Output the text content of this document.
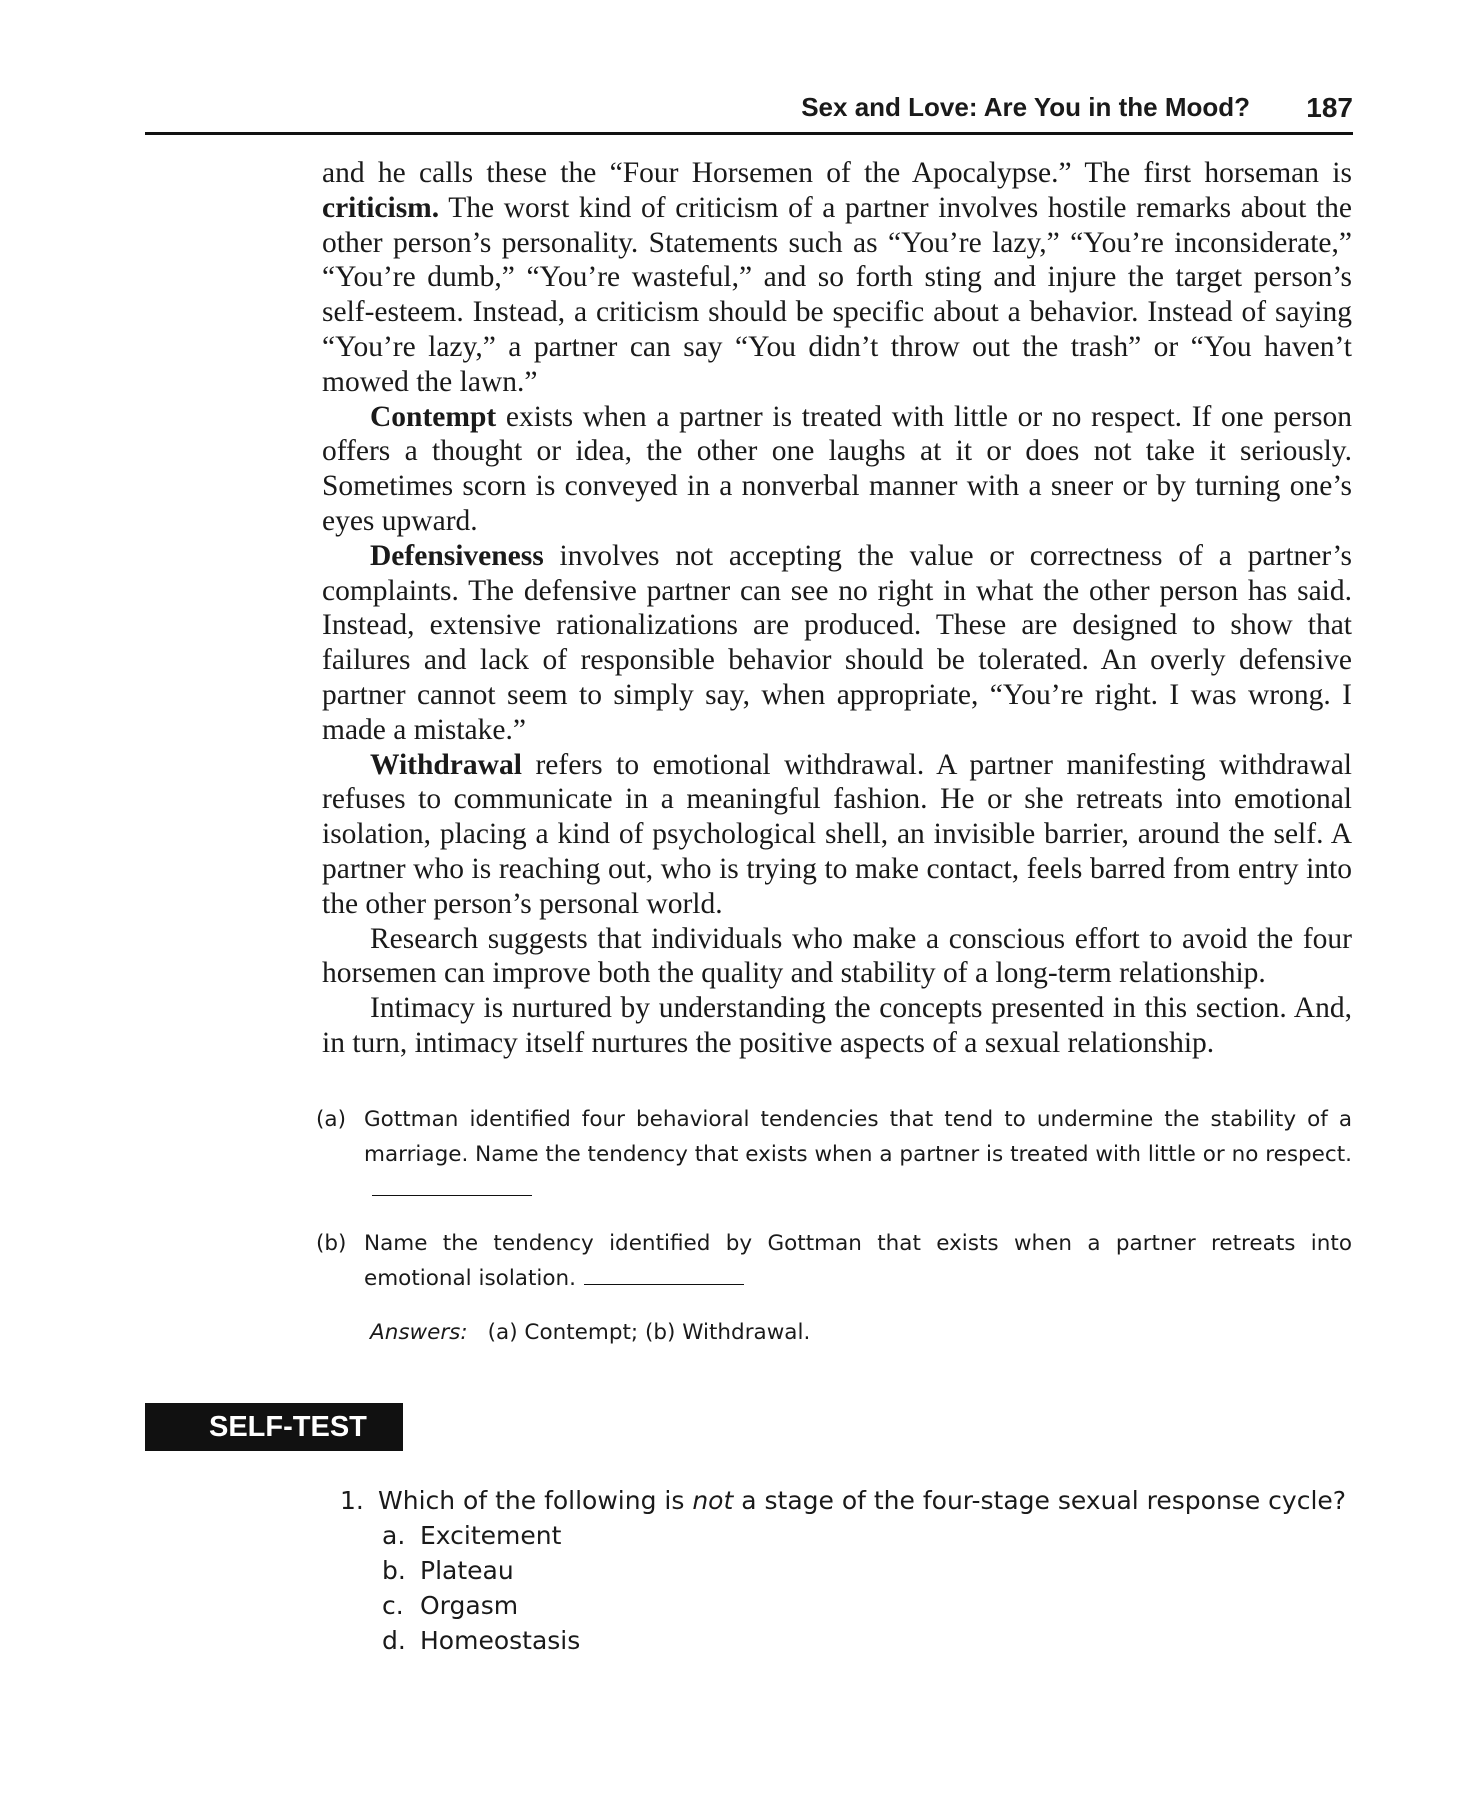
Sex and Love: Are You in the Mood? 187

and he calls these the “Four Horsemen of the Apocalypse.” The first horseman is criticism. The worst kind of criticism of a partner involves hostile remarks about the other person’s personality. Statements such as “You’re lazy,” “You’re inconsiderate,” “You’re dumb,” “You’re wasteful,” and so forth sting and injure the target person’s self-esteem. Instead, a criticism should be specific about a behavior. Instead of saying “You’re lazy,” a partner can say “You didn’t throw out the trash” or “You haven’t mowed the lawn.”

Contempt exists when a partner is treated with little or no respect. If one person offers a thought or idea, the other one laughs at it or does not take it seriously. Sometimes scorn is conveyed in a nonverbal manner with a sneer or by turning one’s eyes upward.

Defensiveness involves not accepting the value or correctness of a partner’s complaints. The defensive partner can see no right in what the other person has said. Instead, extensive rationalizations are produced. These are designed to show that failures and lack of responsible behavior should be tolerated. An overly defensive partner cannot seem to simply say, when appropriate, “You’re right. I was wrong. I made a mistake.”

Withdrawal refers to emotional withdrawal. A partner manifesting withdrawal refuses to communicate in a meaningful fashion. He or she retreats into emotional isolation, placing a kind of psychological shell, an invisible barrier, around the self. A partner who is reaching out, who is trying to make contact, feels barred from entry into the other person’s personal world.

Research suggests that individuals who make a conscious effort to avoid the four horsemen can improve both the quality and stability of a long-term relationship.

Intimacy is nurtured by understanding the concepts presented in this section. And, in turn, intimacy itself nurtures the positive aspects of a sexual relationship.

(a) Gottman identified four behavioral tendencies that tend to undermine the stability of a marriage. Name the tendency that exists when a partner is treated with little or no respect.
(b) Name the tendency identified by Gottman that exists when a partner retreats into emotional isolation.
Answers: (a) Contempt; (b) Withdrawal.
SELF-TEST
1. Which of the following is not a stage of the four-stage sexual response cycle?
a. Excitement
b. Plateau
c. Orgasm
d. Homeostasis
